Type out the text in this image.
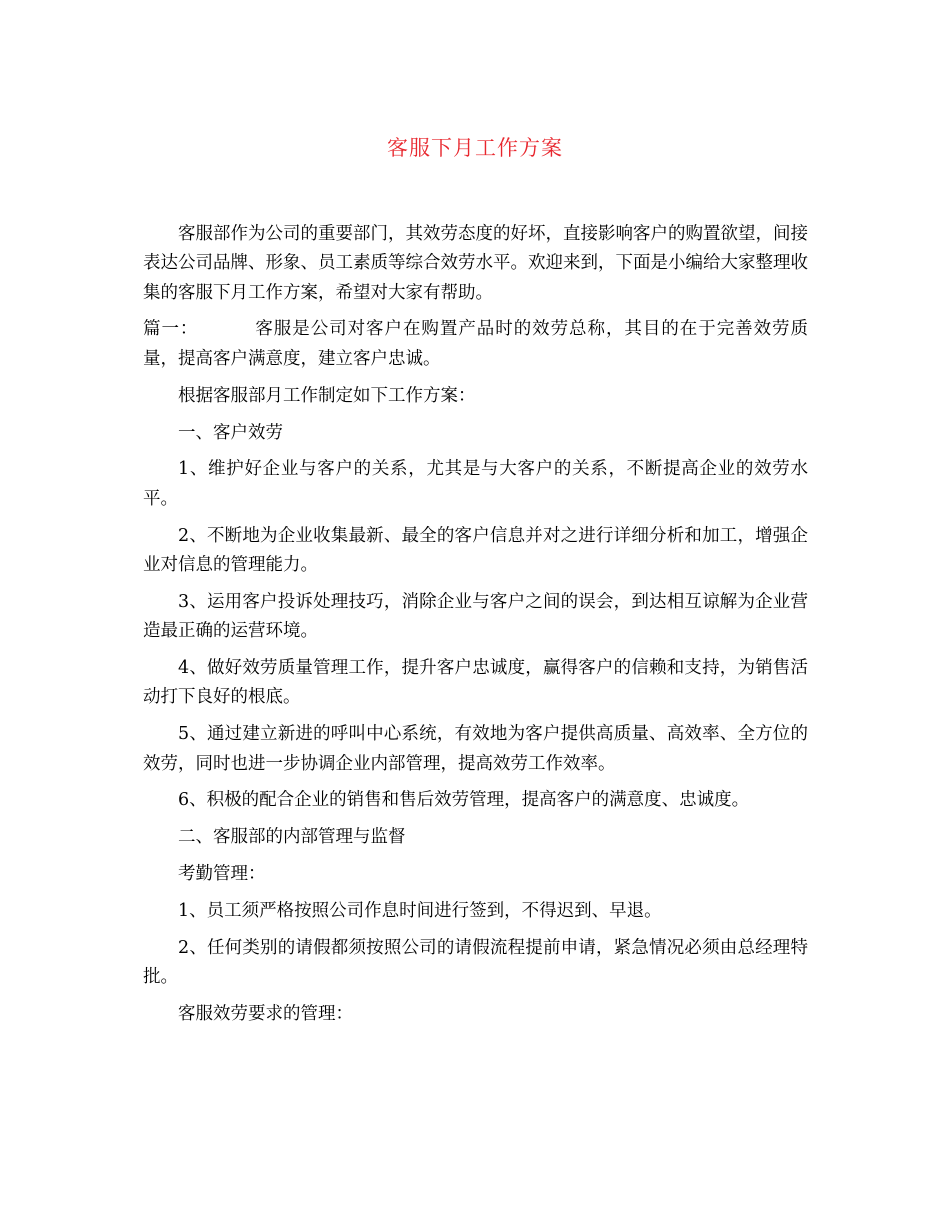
客服下月工作方案

客服部作为公司的重要部门，其效劳态度的好坏，直接影响客户的购置欲望，间接表达公司品牌、形象、员工素质等综合效劳水平。欢迎来到，下面是小编给大家整理收集的客服下月工作方案，希望对大家有帮助。

篇一：	客服是公司对客户在购置产品时的效劳总称，其目的在于完善效劳质量，提高客户满意度，建立客户忠诚。

根据客服部月工作制定如下工作方案：

一、客户效劳

1、维护好企业与客户的关系，尤其是与大客户的关系，不断提高企业的效劳水平。

2、不断地为企业收集最新、最全的客户信息并对之进行详细分析和加工，增强企业对信息的管理能力。

3、运用客户投诉处理技巧，消除企业与客户之间的误会，到达相互谅解为企业营造最正确的运营环境。

4、做好效劳质量管理工作，提升客户忠诚度，赢得客户的信赖和支持，为销售活动打下良好的根底。

5、通过建立新进的呼叫中心系统，有效地为客户提供高质量、高效率、全方位的效劳，同时也进一步协调企业内部管理，提高效劳工作效率。

6、积极的配合企业的销售和售后效劳管理，提高客户的满意度、忠诚度。

二、客服部的内部管理与监督

考勤管理：

1、员工须严格按照公司作息时间进行签到，不得迟到、早退。

2、任何类别的请假都须按照公司的请假流程提前申请，紧急情况必须由总经理特批。

客服效劳要求的管理：
